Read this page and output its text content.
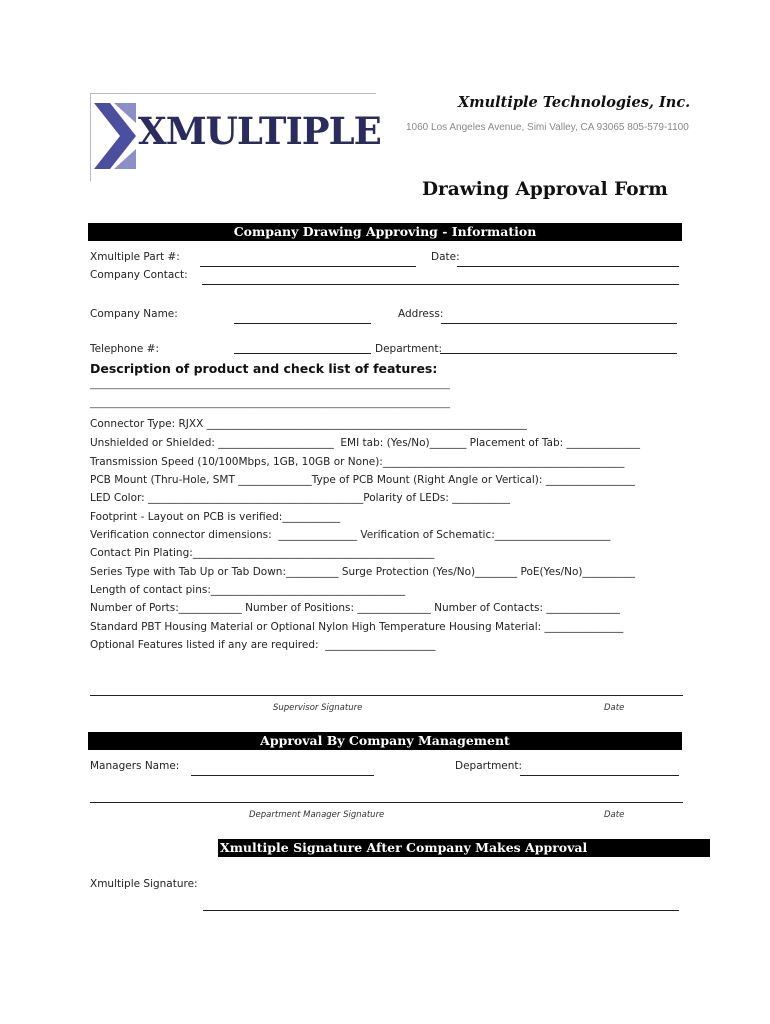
XMULTIPLE
Xmultiple Technologies, Inc.
1060 Los Angeles Avenue, Simi Valley, CA 93065 805-579-1100
Drawing Approval Form
Company Drawing Approving - Information
Xmultiple Part #:	Date:
Company Contact:
Company Name:	Address:
Telephone #:	Department:
Description of product and check list of features:
________________________________________________________________________________
________________________________________________________________________________
Connector Type: RJXX _____________________________________________________________
Unshielded or Shielded: ______________________  EMI tab: (Yes/No)_______ Placement of Tab: ______________
Transmission Speed (10/100Mbps, 1GB, 10GB or None):______________________________________________
PCB Mount (Thru-Hole, SMT ______________Type of PCB Mount (Right Angle or Vertical): _________________
LED Color: _________________________________________Polarity of LEDs: ___________
Footprint - Layout on PCB is verified:___________
Verification connector dimensions:  _______________ Verification of Schematic:______________________
Contact Pin Plating:______________________________________________
Series Type with Tab Up or Tab Down:__________ Surge Protection (Yes/No)________ PoE(Yes/No)__________
Length of contact pins:_____________________________________
Number of Ports:____________ Number of Positions: ______________ Number of Contacts: ______________
Standard PBT Housing Material or Optional Nylon High Temperature Housing Material: _______________
Optional Features listed if any are required:  _____________________
Supervisor Signature	Date
Approval By Company Management
Managers Name:	Department:
Department Manager Signature	Date
Xmultiple Signature After Company Makes Approval
Xmultiple Signature:
